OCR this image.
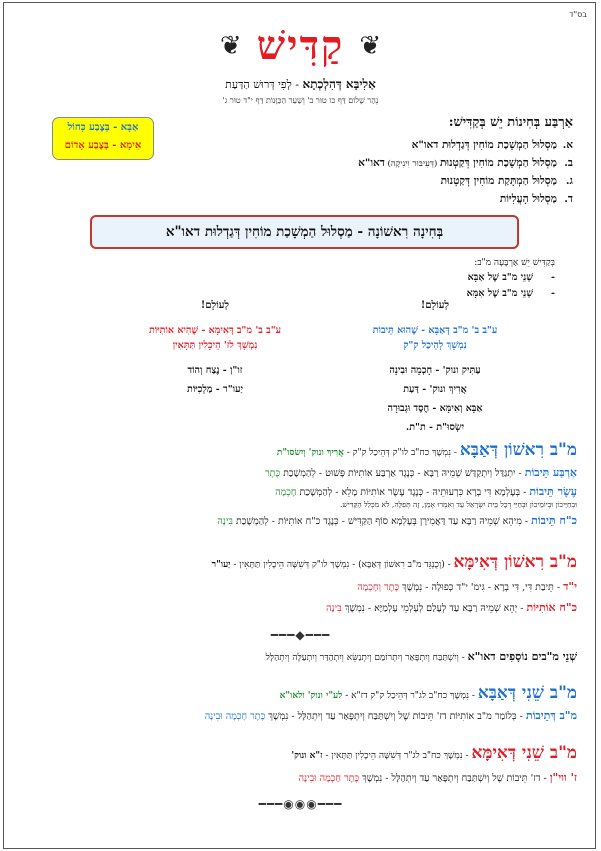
בס"ד
❦ קַדִּישׁ ❦
אַלִיבָּא דְּהִלְכְתָא - לְפִי דְּרוּשׁ הַדַּעַת
נְהַר שָׁלוֹם דַּף כו טוּר ב' וְשַׁעַר הַכַּוָּנוֹת דַּף י"ד טוּר ג'
אַרְבַּע בְּחִינוֹת יֵשׁ בְּקַדִּישׁ:
א.מַסְלוּל הַמְשָׁכַת מוֹחִין דְּגַדְלוּת דאו"א
ב.מַסְלוּל הַמְשָׁכַת מוֹחִין דְּקַטְנוּת (דְּעִיבּוּר וִינִיקָה) דאו"א
ג.מַסְלוּל הַמְתָּקַת מוֹחִין דְּקַטְנוּת
ד.מַסְלוּל הָעֲלִיּוֹת
אַבָּא - בְּצֶבַע כָּחוֹל
אִימָא - בְּצֶבַע אָדוֹם
בְּחִינָה רִאשׁוֹנָה - מַסְלוּל הַמְשָׁכַת מוֹחִין דְּגַדְלוּת דאו"א
בְּקַדִּישׁ יֵשׁ אַרְבָּעָה מ"ב:
-שְׁנֵי מ"ב שֶׁל אַבָּא
-שְׁנֵי מ"ב שֶׁל אִמָּא
לְעוֹלָם!
ע"ב ב' מ"ב דְּאַבָּא - שֶׁהוּא תֵּיבוֹת
נִמְשָׁךְ לְהֵיכַל ק"ק
עַתִּיק ונוק' - חָכְמָה וּבִינָה
אֲרִיךְ ונוק' - דַּעַת
אַבָּא וְאִימָּא - חֶסֶד וּגְבוּרָה
יִשְׂסוּ"ת - ת"ת.
לְעוֹלָם!
ע"ב ב' מ"ב דְּאִימָּא - שֶׁהִיא אוֹתִיּוֹת
נִמְשָׁךְ לז' הֵיכָלִין תַּתָּאִין
זו"ן - נֶצַח וְהוֹד
יַעו"ר - מַלְכִיּוֹת
מ"ב רִאשׁוֹן דְּאַבָּא - נִמְשָׁךְ כח"ב לו"ק דְּהֵיכַל ק"ק - אֲרִיךְ ונוק' וְיִשׂסו"ת
אַרְבַּע תֵּיבוֹת - יִתְגַּדַּל וְיִתְקַדַּשׁ שְׁמֵיהּ רַבָּא - כְּנֶגֶד אַרְבַּע אוֹתִיּוֹת פָּשׁוּט - לְהַמְשָׁכַת כֶּתֶר
עֶשֶׂר תֵּיבוֹת - בְּעָלְמָא דִּי בְרָא כִּרְעוּתֵיהּ - כְּנֶגֶד עֶשֶׂר אוֹתִיּוֹת מָלֵא - לְהַמְשָׁכַת חָכְמָה
וּבְחַיֵּיכוֹן וּבְיוֹמֵיכוֹן וּבְחַיֵּי דְכָל בֵּית יִשְׂרָאֵל עַד וְאִמְרוּ אָמֵן, זֶה תְּפִלָּה, לֹא מִכְּלַל הַקַּדִּישׁ.
כ"ח תֵּיבוֹת - מִיהֵא שְׁמֵיהּ רַבָּא עַד דַּאֲמִירָן בְּעָלְמָא סוֹף הַקַּדִּישׁ - כְּנֶגֶד כ"ח אוֹתִיּוֹת - לְהַמְשָׁכַת בִּינָה
מ"ב רִאשׁוֹן דְּאִימָּא - (וְכֻנְגֵּד מ"ב רִאשׁוֹן דְּאַבָּא) - נִמְשָׁךְ לו"ק דְּשִׁשָּׁה הֵיכָלִין תַּתָּאִין - יַעו"ר
י"ד - תֵּיבַת דִּי, דִּי בְרָא - גִּימ' י"ד כְּפוּלָה - נִמְשָׁךְ כֶּתֶר וְחָכְמָה
כ"ח אוֹתִיּוֹת - יְהֵא שְׁמֵיהּ רַבָּא עַד לְעָלַם לְעָלְמֵי עָלְמַיָּא - נִמְשָׁךְ בִּינָה
━━━◆━━━
שְׁנֵי מ"בים נוֹסָפִים דאו"א - וְיִשְׁתַּבַּח וְיִתְפָּאַר וְיִתְרוֹמַם וְיִתְנַשֵּׂא וְיִתְהַדַּר וְיִתְעַלֶּה וְיִתְהַלָּל
מ"ב שֵׁנִי דְּאַבָּא - נִמְשָׁךְ כח"ב לג"ר דְּהֵיכַל ק"ק דז"א - לע"י ונוק' ולאו"א
מ"ב דְּתֵיבוֹת - כְּלוֹמַר מ"ב אוֹתִיּוֹת דז' תֵּיבוֹת שֶׁל וְיִשְׁתַּבַּח וְיִתְפָּאַר עַד וְיִתְהַלָּל - נִמְשָׁךְ כֶּתֶר חָכְמָה וּבִינָה
מ"ב שֵׁנִי דְּאִימָּא - נִמְשָׁךְ כח"ב לג"ר דְּשִׁשָּׁה הֵיכָלִין תַּתָּאִין - ז"א ונוק'
ז' ווי"ן - דז' תֵּיבוֹת שֶׁל וְיִשְׁתַּבַּח וְיִתְפָּאַר עַד וְיִתְהַלָּל - נִמְשָׁךְ כֶּתֶר חָכְמָה וּבִינָה
━━━◉◉◉━━━
